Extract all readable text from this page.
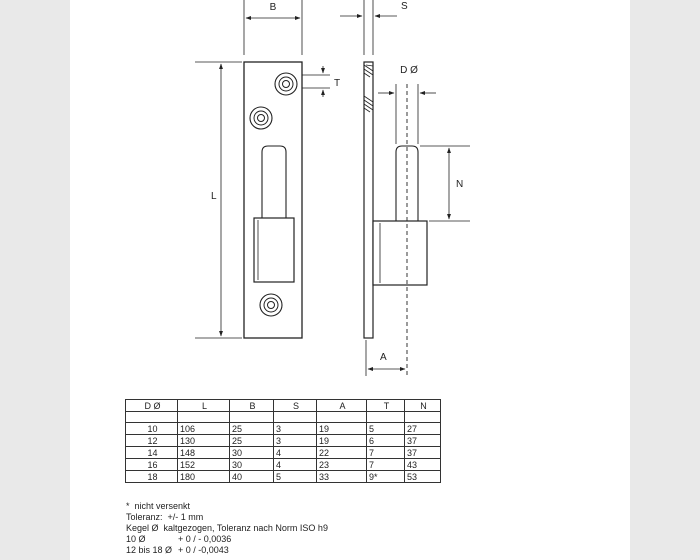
B	S
T
D Ø
L
N
A
D Ø	L	B	S	A	T	N

10	106	25	3	19	5	27
12	130	25	3	19	6	37
14	148	30	4	22	7	37
16	152	30	4	23	7	43
18	180	40	5	33	9*	53
*  nicht versenkt
Toleranz:  +/- 1 mm
Kegel Ø  kaltgezogen, Toleranz nach Norm ISO h9
10 Ø	+ 0 / - 0,0036
12 bis 18 Ø + 0 / -0,0043
